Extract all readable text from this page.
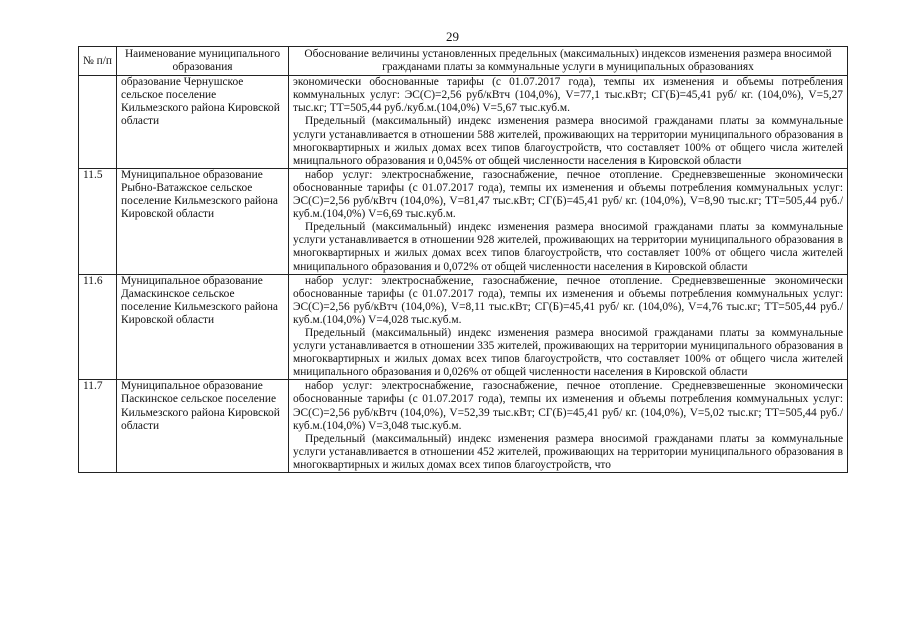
29
№ п/п	Наименование муниципального образования	Обоснование величины установленных предельных (максимальных) индексов изменения размера вносимой гражданами платы за коммунальные услуги в муниципальных образованиях
	образование Чернушское сельское поселение Кильмезского района Кировской области	экономически обоснованные тарифы (с 01.07.2017 года), темпы их изменения и объемы потребления коммунальных услуг: ЭС(С)=2,56 руб/кВтч (104,0%), V=77,1 тыс.кВт; СГ(Б)=45,41 руб/ кг. (104,0%), V=5,27 тыс.кг; ТТ=505,44 руб./куб.м.(104,0%) V=5,67 тыс.куб.м.

Предельный (максимальный) индекс изменения размера вносимой гражданами платы за коммунальные услуги устанавливается в отношении 588 жителей, проживающих на территории муниципального образования в многоквартирных и жилых домах всех типов благоустройств, что составляет 100% от общего числа жителей мницпального образования и 0,045% от общей численности населения в Кировской области

11.5	Муниципальное образование Рыбно-Ватажское сельское поселение Кильмезского района Кировской области	набор услуг: электроснабжение, газоснабжение, печное отопление. Средневзвешенные экономически обоснованные тарифы (с 01.07.2017 года), темпы их изменения и объемы потребления коммунальных услуг: ЭС(С)=2,56 руб/кВтч (104,0%), V=81,47 тыс.кВт; СГ(Б)=45,41 руб/ кг. (104,0%), V=8,90 тыс.кг; ТТ=505,44 руб./куб.м.(104,0%) V=6,69 тыс.куб.м.

Предельный (максимальный) индекс изменения размера вносимой гражданами платы за коммунальные услуги устанавливается в отношении 928 жителей, проживающих на территории муниципального образования в многоквартирных и жилых домах всех типов благоустройств, что составляет 100% от общего числа жителей мниципального образования и 0,072% от общей численности населения в Кировской области

11.6	Муниципальное образование Дамаскинское сельское поселение Кильмезского района Кировской области	набор услуг: электроснабжение, газоснабжение, печное отопление. Средневзвешенные экономически обоснованные тарифы (с 01.07.2017 года), темпы их изменения и объемы потребления коммунальных услуг: ЭС(С)=2,56 руб/кВтч (104,0%), V=8,11 тыс.кВт; СГ(Б)=45,41 руб/ кг. (104,0%), V=4,76 тыс.кг; ТТ=505,44 руб./куб.м.(104,0%) V=4,028 тыс.куб.м.

Предельный (максимальный) индекс изменения размера вносимой гражданами платы за коммунальные услуги устанавливается в отношении 335 жителей, проживающих на территории муниципального образования в многоквартирных и жилых домах всех типов благоустройств, что составляет 100% от общего числа жителей мниципального образования и 0,026% от общей численности населения в Кировской области

11.7	Муниципальное образование Паскинское сельское поселение Кильмезского района Кировской области	набор услуг: электроснабжение, газоснабжение, печное отопление. Средневзвешенные экономически обоснованные тарифы (с 01.07.2017 года), темпы их изменения и объемы потребления коммунальных услуг: ЭС(С)=2,56 руб/кВтч (104,0%), V=52,39 тыс.кВт; СГ(Б)=45,41 руб/ кг. (104,0%), V=5,02 тыс.кг; ТТ=505,44 руб./куб.м.(104,0%) V=3,048 тыс.куб.м.

Предельный (максимальный) индекс изменения размера вносимой гражданами платы за коммунальные услуги устанавливается в отношении 452 жителей, проживающих на территории муниципального образования в многоквартирных и жилых домах всех типов благоустройств, что
